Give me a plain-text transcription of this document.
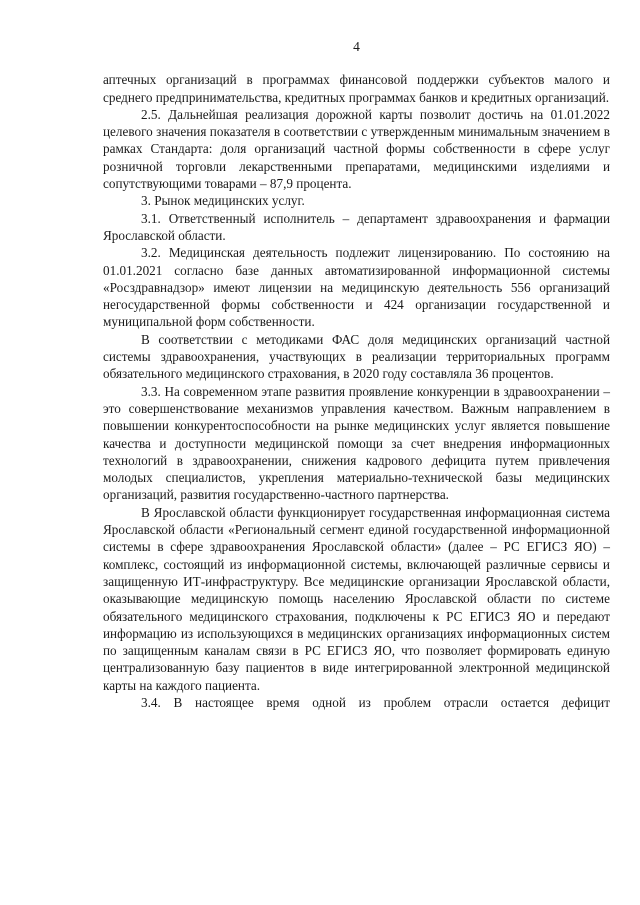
4

аптечных организаций в программах финансовой поддержки субъектов малого и среднего предпринимательства, кредитных программах банков и кредитных организаций.

2.5. Дальнейшая реализация дорожной карты позволит достичь на 01.01.2022 целевого значения показателя в соответствии с утвержденным минимальным значением в рамках Стандарта: доля организаций частной формы собственности в сфере услуг розничной торговли лекарственными препаратами, медицинскими изделиями и сопутствующими товарами – 87,9 процента.

3. Рынок медицинских услуг.

3.1. Ответственный исполнитель – департамент здравоохранения и фармации Ярославской области.

3.2. Медицинская деятельность подлежит лицензированию. По состоянию на 01.01.2021 согласно базе данных автоматизированной информационной системы «Росздравнадзор» имеют лицензии на медицинскую деятельность 556 организаций негосударственной формы собственности и 424 организации государственной и муниципальной форм собственности.

В соответствии с методиками ФАС доля медицинских организаций частной системы здравоохранения, участвующих в реализации территориальных программ обязательного медицинского страхования, в 2020 году составляла 36 процентов.

3.3. На современном этапе развития проявление конкуренции в здравоохранении – это совершенствование механизмов управления качеством. Важным направлением в повышении конкурентоспособности на рынке медицинских услуг является повышение качества и доступности медицинской помощи за счет внедрения информационных технологий в здравоохранении, снижения кадрового дефицита путем привлечения молодых специалистов, укрепления материально-технической базы медицинских организаций, развития государственно-частного партнерства.

В Ярославской области функционирует государственная информационная система Ярославской области «Региональный сегмент единой государственной информационной системы в сфере здравоохранения Ярославской области» (далее – РС ЕГИСЗ ЯО) – комплекс, состоящий из информационной системы, включающей различные сервисы и защищенную ИТ-инфраструктуру. Все медицинские организации Ярославской области, оказывающие медицинскую помощь населению Ярославской области по системе обязательного медицинского страхования, подключены к РС ЕГИСЗ ЯО и передают информацию из использующихся в медицинских организациях информационных систем по защищенным каналам связи в РС ЕГИСЗ ЯО, что позволяет формировать единую централизованную базу пациентов в виде интегрированной электронной медицинской карты на каждого пациента.

3.4. В настоящее время одной из проблем отрасли остается дефицит
